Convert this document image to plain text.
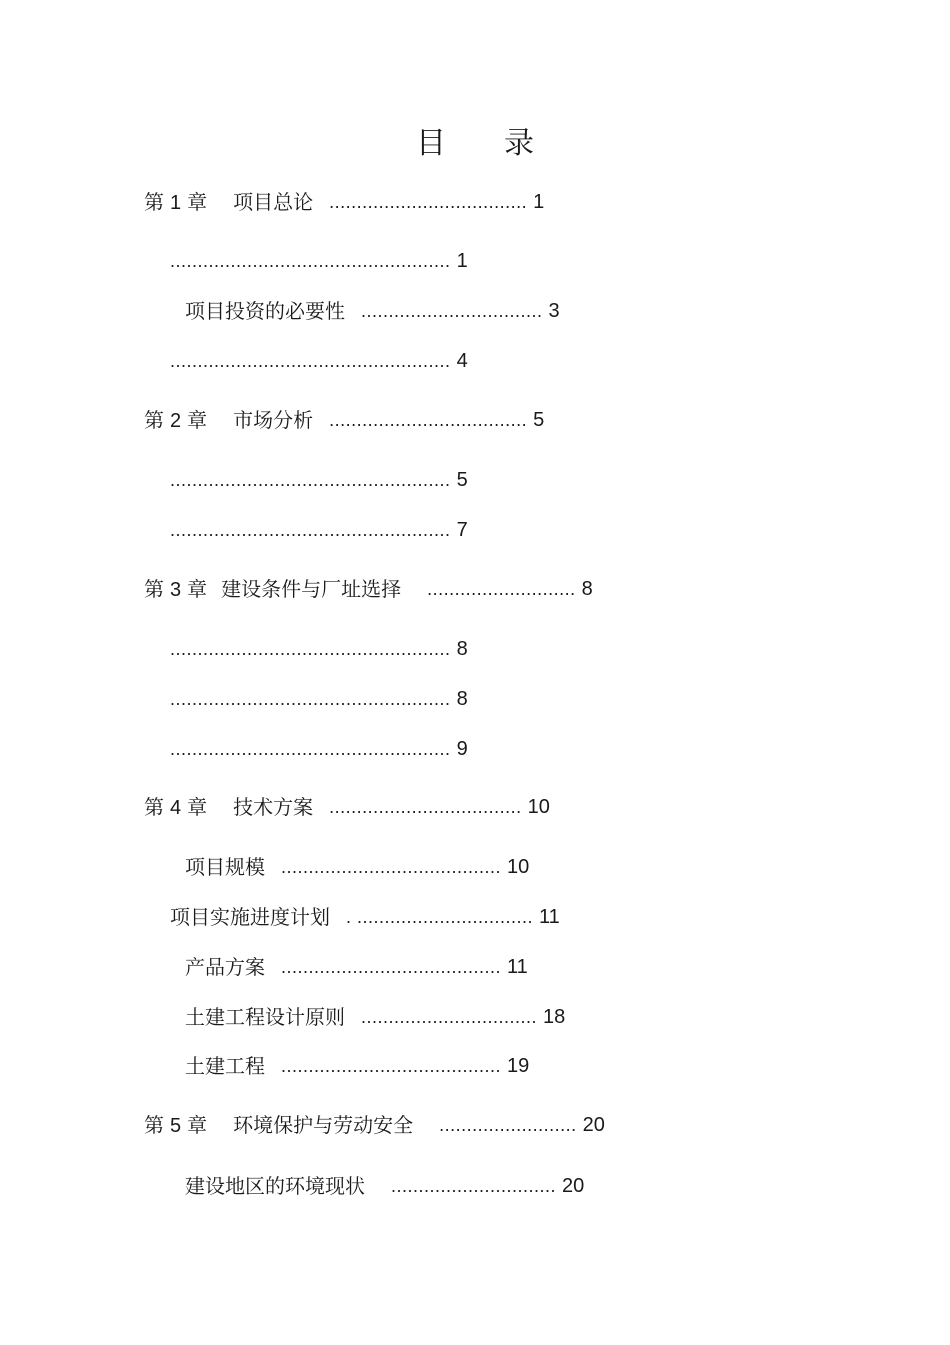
目 录
第 1 章 项目总论 .................................... 1
................................................... 1
项目投资的必要性 ................................. 3
................................................... 4
第 2 章 市场分析 .................................... 5
................................................... 5
................................................... 7
第 3 章 建设条件与厂址选择 ........................... 8
................................................... 8
................................................... 8
................................................... 9
第 4 章 技术方案 ................................... 10
项目规模 ........................................ 10
项目实施进度计划 . ................................ 11
产品方案 ........................................ 11
土建工程设计原则 ................................ 18
土建工程 ........................................ 19
第 5 章 环境保护与劳动安全 ......................... 20
建设地区的环境现状 .............................. 20
